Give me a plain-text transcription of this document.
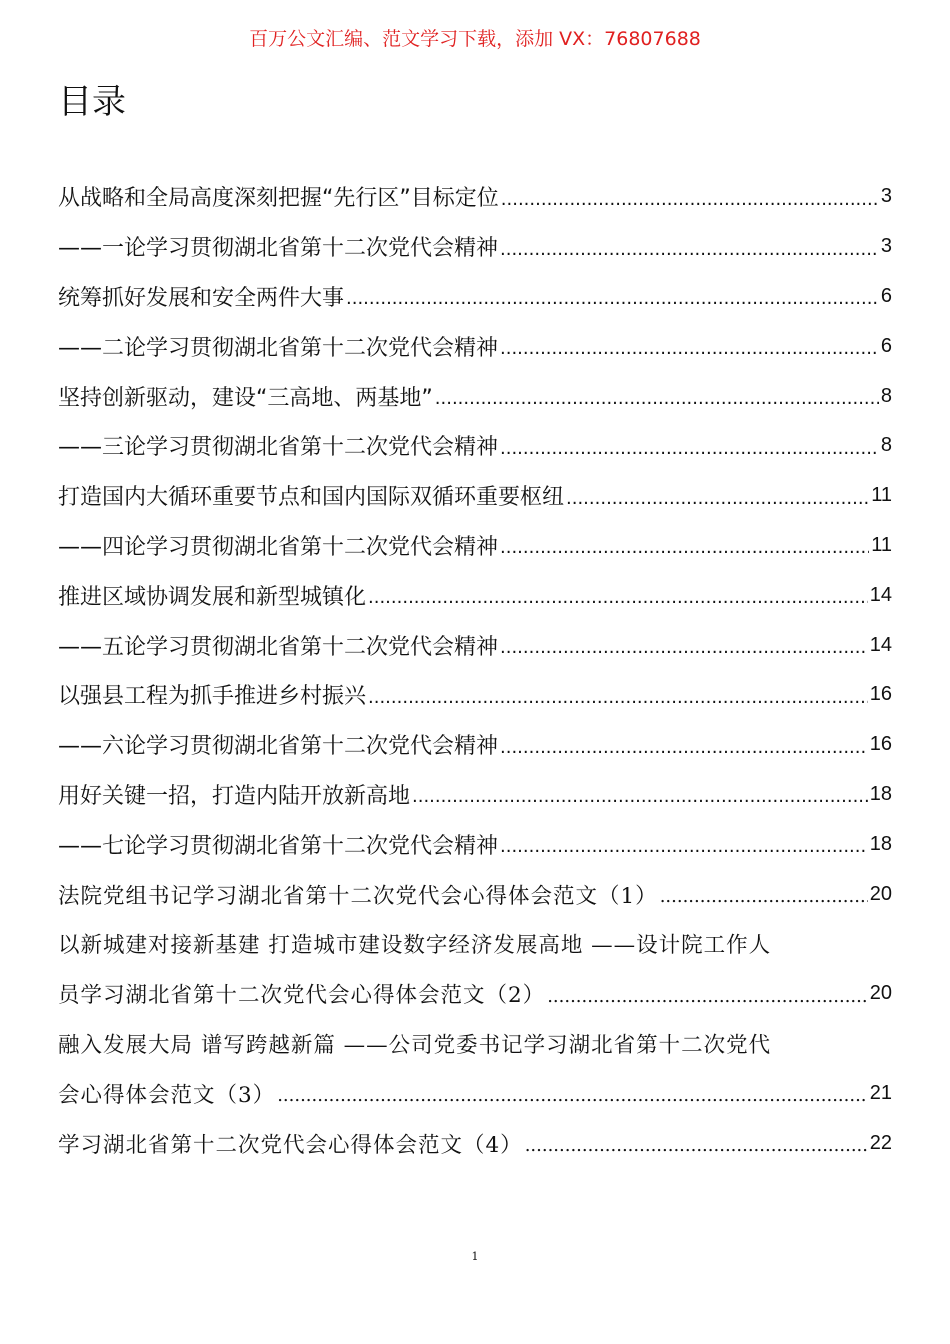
百万公文汇编、范文学习下载，添加 VX：76807688
目录
从战略和全局高度深刻把握“先行区”目标定位 .....	3
——一论学习贯彻湖北省第十二次党代会精神 .....	3
统筹抓好发展和安全两件大事 .....	6
——二论学习贯彻湖北省第十二次党代会精神 .....	6
坚持创新驱动，建设“三高地、两基地” .....	8
——三论学习贯彻湖北省第十二次党代会精神 .....	8
打造国内大循环重要节点和国内国际双循环重要枢纽 .....	11
——四论学习贯彻湖北省第十二次党代会精神 .....	11
推进区域协调发展和新型城镇化 .....	14
——五论学习贯彻湖北省第十二次党代会精神 .....	14
以强县工程为抓手推进乡村振兴 .....	16
——六论学习贯彻湖北省第十二次党代会精神 .....	16
用好关键一招，打造内陆开放新高地 .....	18
——七论学习贯彻湖北省第十二次党代会精神 .....	18
法院党组书记学习湖北省第十二次党代会心得体会范文（1） .....	20
以新城建对接新基建 打造城市建设数字经济发展高地 ——设计院工作人
员学习湖北省第十二次党代会心得体会范文（2） .....	20
融入发展大局 谱写跨越新篇 ——公司党委书记学习湖北省第十二次党代
会心得体会范文（3） .....	21
学习湖北省第十二次党代会心得体会范文（4） .....	22
1
